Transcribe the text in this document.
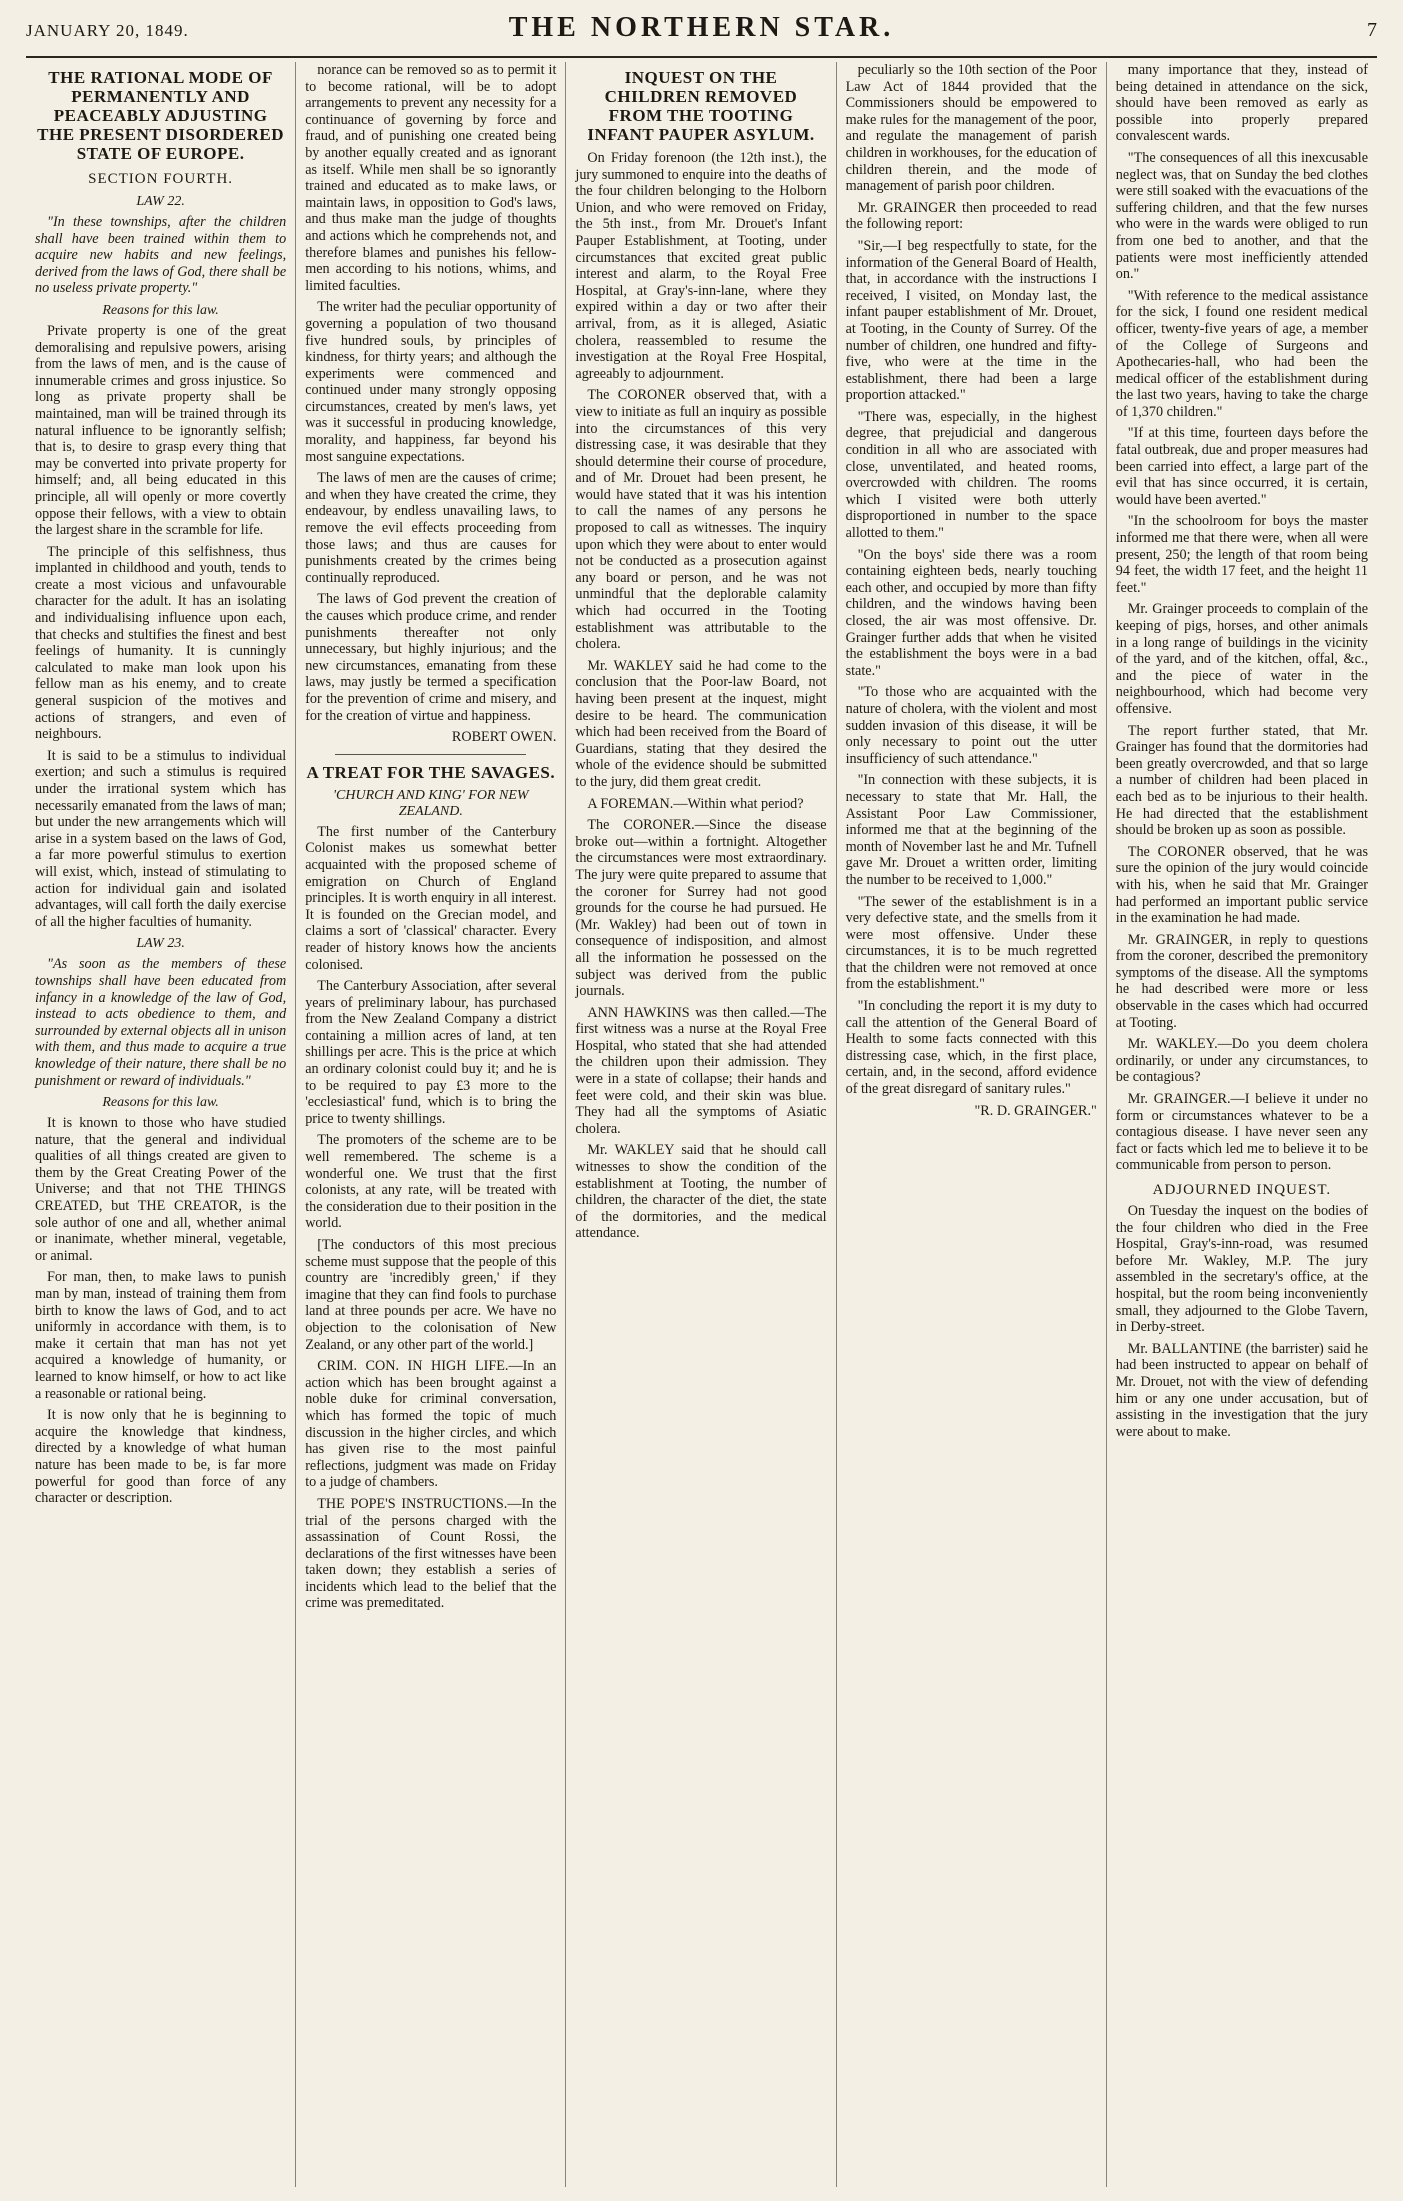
JANUARY 20, 1849.	THE NORTHERN STAR.	7
THE RATIONAL MODE OF PERMANENTLY AND PEACEABLY ADJUSTING THE PRESENT DISORDERED STATE OF EUROPE.
SECTION FOURTH.
LAW 22.

"In these townships, after the children shall have been trained within them to acquire new habits and new feelings, derived from the laws of God, there shall be no useless private property."

Reasons for this law.

Private property is one of the great demoralising and repulsive powers, arising from the laws of men, and is the cause of innumerable crimes and gross injustice. So long as private property shall be maintained, man will be trained through its natural influence to be ignorantly selfish; that is, to desire to grasp every thing that may be converted into private property for himself; and, all being educated in this principle, all will openly or more covertly oppose their fellows, with a view to obtain the largest share in the scramble for life.

The principle of this selfishness, thus implanted in childhood and youth, tends to create a most vicious and unfavourable character for the adult. It has an isolating and individualising influence upon each, that checks and stultifies the finest and best feelings of humanity. It is cunningly calculated to make man look upon his fellow man as his enemy, and to create general suspicion of the motives and actions of strangers, and even of neighbours.

It is said to be a stimulus to individual exertion; and such a stimulus is required under the irrational system which has necessarily emanated from the laws of man; but under the new arrangements which will arise in a system based on the laws of God, a far more powerful stimulus to exertion will exist, which, instead of stimulating to action for individual gain and isolated advantages, will call forth the daily exercise of all the higher faculties of humanity.

LAW 23.

"As soon as the members of these townships shall have been educated from infancy in a knowledge of the law of God, instead to acts obedience to them, and surrounded by external objects all in unison with them, and thus made to acquire a true knowledge of their nature, there shall be no punishment or reward of individuals."

Reasons for this law.

It is known to those who have studied nature, that the general and individual qualities of all things created are given to them by the Great Creating Power of the Universe; and that not THE THINGS CREATED, but THE CREATOR, is the sole author of one and all, whether animal or inanimate, whether mineral, vegetable, or animal.

For man, then, to make laws to punish man by man, instead of training them from birth to know the laws of God, and to act uniformly in accordance with them, is to make it certain that man has not yet acquired a knowledge of humanity, or learned to know himself, or how to act like a reasonable or rational being.

It is now only that he is beginning to acquire the knowledge that kindness, directed by a knowledge of what human nature has been made to be, is far more powerful for good than force of any character or description.

norance can be removed so as to permit it to become rational, will be to adopt arrangements to prevent any necessity for a continuance of governing by force and fraud, and of punishing one created being by another equally created and as ignorant as itself. While men shall be so ignorantly trained and educated as to make laws, or maintain laws, in opposition to God's laws, and thus make man the judge of thoughts and actions which he comprehends not, and therefore blames and punishes his fellow-men according to his notions, whims, and limited faculties.

The writer had the peculiar opportunity of governing a population of two thousand five hundred souls, by principles of kindness, for thirty years; and although the experiments were commenced and continued under many strongly opposing circumstances, created by men's laws, yet was it successful in producing knowledge, morality, and happiness, far beyond his most sanguine expectations.

The laws of men are the causes of crime; and when they have created the crime, they endeavour, by endless unavailing laws, to remove the evil effects proceeding from those laws; and thus are causes for punishments created by the crimes being continually reproduced.

The laws of God prevent the creation of the causes which produce crime, and render punishments thereafter not only unnecessary, but highly injurious; and the new circumstances, emanating from these laws, may justly be termed a specification for the prevention of crime and misery, and for the creation of virtue and happiness.

ROBERT OWEN.

A TREAT FOR THE SAVAGES.
'CHURCH AND KING' FOR NEW ZEALAND.

The first number of the Canterbury Colonist makes us somewhat better acquainted with the proposed scheme of emigration on Church of England principles. It is worth enquiry in all interest. It is founded on the Grecian model, and claims a sort of 'classical' character. Every reader of history knows how the ancients colonised.

The Canterbury Association, after several years of preliminary labour, has purchased from the New Zealand Company a district containing a million acres of land, at ten shillings per acre. This is the price at which an ordinary colonist could buy it; and he is to be required to pay £3 more to the 'ecclesiastical' fund, which is to bring the price to twenty shillings.

The promoters of the scheme are to be well remembered. The scheme is a wonderful one. We trust that the first colonists, at any rate, will be treated with the consideration due to their position in the world.

[The conductors of this most precious scheme must suppose that the people of this country are 'incredibly green,' if they imagine that they can find fools to purchase land at three pounds per acre. We have no objection to the colonisation of New Zealand, or any other part of the world.]

CRIM. CON. IN HIGH LIFE.—In an action which has been brought against a noble duke for criminal conversation, which has formed the topic of much discussion in the higher circles, and which has given rise to the most painful reflections, judgment was made on Friday to a judge of chambers.

THE POPE'S INSTRUCTIONS.—In the trial of the persons charged with the assassination of Count Rossi, the declarations of the first witnesses have been taken down; they establish a series of incidents which lead to the belief that the crime was premeditated.

INQUEST ON THE CHILDREN REMOVED FROM THE TOOTING INFANT PAUPER ASYLUM.

On Friday forenoon (the 12th inst.), the jury summoned to enquire into the deaths of the four children belonging to the Holborn Union, and who were removed on Friday, the 5th inst., from Mr. Drouet's Infant Pauper Establishment, at Tooting, under circumstances that excited great public interest and alarm, to the Royal Free Hospital, at Gray's-inn-lane, where they expired within a day or two after their arrival, from, as it is alleged, Asiatic cholera, reassembled to resume the investigation at the Royal Free Hospital, agreeably to adjournment.

The CORONER observed that, with a view to initiate as full an inquiry as possible into the circumstances of this very distressing case, it was desirable that they should determine their course of procedure, and of Mr. Drouet had been present, he would have stated that it was his intention to call the names of any persons he proposed to call as witnesses. The inquiry upon which they were about to enter would not be conducted as a prosecution against any board or person, and he was not unmindful that the deplorable calamity which had occurred in the Tooting establishment was attributable to the cholera.

Mr. WAKLEY said he had come to the conclusion that the Poor-law Board, not having been present at the inquest, might desire to be heard. The communication which had been received from the Board of Guardians, stating that they desired the whole of the evidence should be submitted to the jury, did them great credit.

A FOREMAN.—Within what period?

The CORONER.—Since the disease broke out—within a fortnight. Altogether the circumstances were most extraordinary. The jury were quite prepared to assume that the coroner for Surrey had not good grounds for the course he had pursued. He (Mr. Wakley) had been out of town in consequence of indisposition, and almost all the information he possessed on the subject was derived from the public journals.

ANN HAWKINS was then called.—The first witness was a nurse at the Royal Free Hospital, who stated that she had attended the children upon their admission. They were in a state of collapse; their hands and feet were cold, and their skin was blue. They had all the symptoms of Asiatic cholera.

Mr. WAKLEY said that he should call witnesses to show the condition of the establishment at Tooting, the number of children, the character of the diet, the state of the dormitories, and the medical attendance.

peculiarly so the 10th section of the Poor Law Act of 1844 provided that the Commissioners should be empowered to make rules for the management of the poor, and regulate the management of parish children in workhouses, for the education of children therein, and the mode of management of parish poor children.

Mr. GRAINGER then proceeded to read the following report:

"Sir,—I beg respectfully to state, for the information of the General Board of Health, that, in accordance with the instructions I received, I visited, on Monday last, the infant pauper establishment of Mr. Drouet, at Tooting, in the County of Surrey. Of the number of children, one hundred and fifty-five, who were at the time in the establishment, there had been a large proportion attacked."

"There was, especially, in the highest degree, that prejudicial and dangerous condition in all who are associated with close, unventilated, and heated rooms, overcrowded with children. The rooms which I visited were both utterly disproportioned in number to the space allotted to them."

"On the boys' side there was a room containing eighteen beds, nearly touching each other, and occupied by more than fifty children, and the windows having been closed, the air was most offensive. Dr. Grainger further adds that when he visited the establishment the boys were in a bad state."

"To those who are acquainted with the nature of cholera, with the violent and most sudden invasion of this disease, it will be only necessary to point out the utter insufficiency of such attendance."

"In connection with these subjects, it is necessary to state that Mr. Hall, the Assistant Poor Law Commissioner, informed me that at the beginning of the month of November last he and Mr. Tufnell gave Mr. Drouet a written order, limiting the number to be received to 1,000."

"The sewer of the establishment is in a very defective state, and the smells from it were most offensive. Under these circumstances, it is to be much regretted that the children were not removed at once from the establishment."

"In concluding the report it is my duty to call the attention of the General Board of Health to some facts connected with this distressing case, which, in the first place, certain, and, in the second, afford evidence of the great disregard of sanitary rules."

"R. D. GRAINGER."

many importance that they, instead of being detained in attendance on the sick, should have been removed as early as possible into properly prepared convalescent wards.

"The consequences of all this inexcusable neglect was, that on Sunday the bed clothes were still soaked with the evacuations of the suffering children, and that the few nurses who were in the wards were obliged to run from one bed to another, and that the patients were most inefficiently attended on."

"With reference to the medical assistance for the sick, I found one resident medical officer, twenty-five years of age, a member of the College of Surgeons and Apothecaries-hall, who had been the medical officer of the establishment during the last two years, having to take the charge of 1,370 children."

"If at this time, fourteen days before the fatal outbreak, due and proper measures had been carried into effect, a large part of the evil that has since occurred, it is certain, would have been averted."

"In the schoolroom for boys the master informed me that there were, when all were present, 250; the length of that room being 94 feet, the width 17 feet, and the height 11 feet."

Mr. Grainger proceeds to complain of the keeping of pigs, horses, and other animals in a long range of buildings in the vicinity of the yard, and of the kitchen, offal, &c., and the piece of water in the neighbourhood, which had become very offensive.

The report further stated, that Mr. Grainger has found that the dormitories had been greatly overcrowded, and that so large a number of children had been placed in each bed as to be injurious to their health. He had directed that the establishment should be broken up as soon as possible.

The CORONER observed, that he was sure the opinion of the jury would coincide with his, when he said that Mr. Grainger had performed an important public service in the examination he had made.

Mr. GRAINGER, in reply to questions from the coroner, described the premonitory symptoms of the disease. All the symptoms he had described were more or less observable in the cases which had occurred at Tooting.

Mr. WAKLEY.—Do you deem cholera ordinarily, or under any circumstances, to be contagious?

Mr. GRAINGER.—I believe it under no form or circumstances whatever to be a contagious disease. I have never seen any fact or facts which led me to believe it to be communicable from person to person.

ADJOURNED INQUEST.

On Tuesday the inquest on the bodies of the four children who died in the Free Hospital, Gray's-inn-road, was resumed before Mr. Wakley, M.P. The jury assembled in the secretary's office, at the hospital, but the room being inconveniently small, they adjourned to the Globe Tavern, in Derby-street.

Mr. BALLANTINE (the barrister) said he had been instructed to appear on behalf of Mr. Drouet, not with the view of defending him or any one under accusation, but of assisting in the investigation that the jury were about to make.
